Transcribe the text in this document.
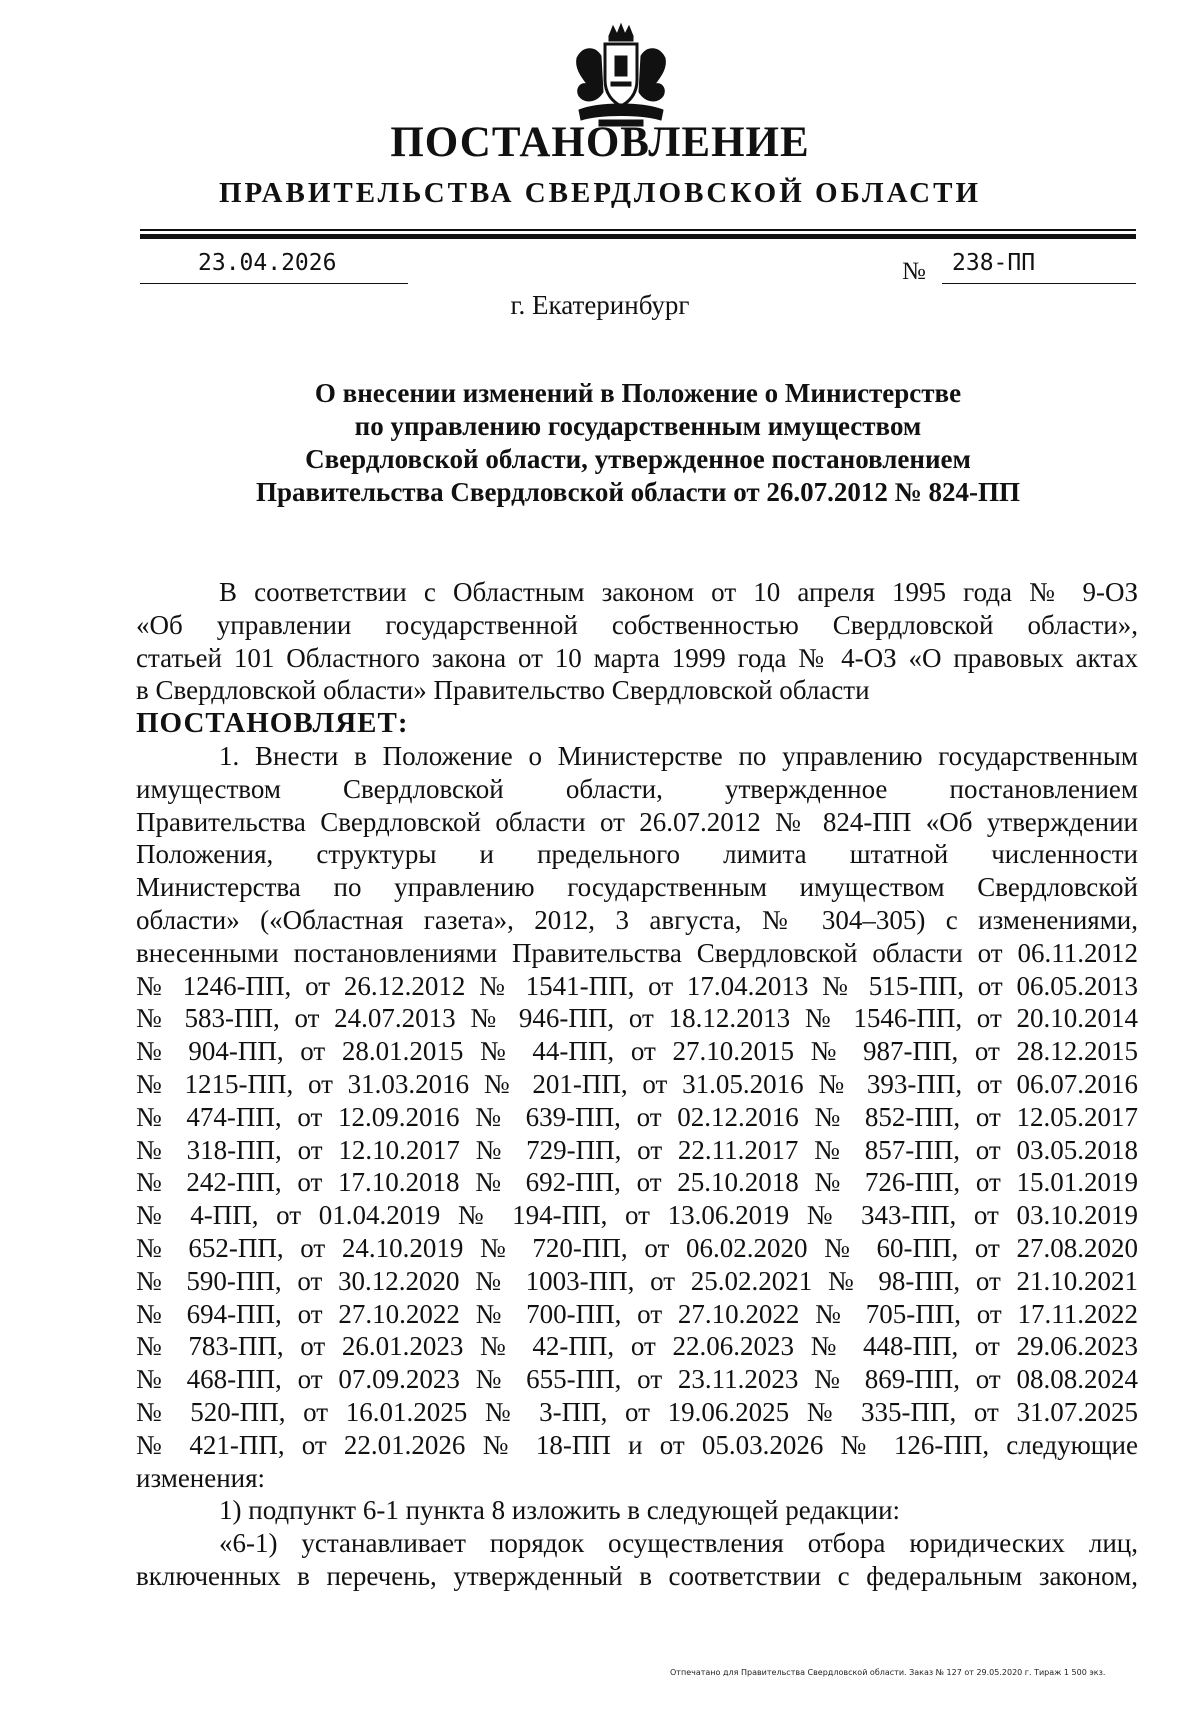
ПОСТАНОВЛЕНИЕ
ПРАВИТЕЛЬСТВА СВЕРДЛОВСКОЙ ОБЛАСТИ
23.04.2026	№ 238-ПП
г. Екатеринбург
О внесении изменений в Положение о Министерстве
по управлению государственным имуществом
Свердловской области, утвержденное постановлением
Правительства Свердловской области от 26.07.2012 № 824-ПП
В соответствии с Областным законом от 10 апреля 1995 года № 9-ОЗ
«Об управлении государственной собственностью Свердловской области»,
статьей 101 Областного закона от 10 марта 1999 года № 4-ОЗ «О правовых актах
в Свердловской области» Правительство Свердловской области
ПОСТАНОВЛЯЕТ:
1. Внести в Положение о Министерстве по управлению государственным
имуществом Свердловской области, утвержденное постановлением
Правительства Свердловской области от 26.07.2012 № 824-ПП «Об утверждении
Положения, структуры и предельного лимита штатной численности
Министерства по управлению государственным имуществом Свердловской
области» («Областная газета», 2012, 3 августа, № 304–305) с изменениями,
внесенными постановлениями Правительства Свердловской области от 06.11.2012
№ 1246-ПП, от 26.12.2012 № 1541-ПП, от 17.04.2013 № 515-ПП, от 06.05.2013
№ 583-ПП, от 24.07.2013 № 946-ПП, от 18.12.2013 № 1546-ПП, от 20.10.2014
№ 904-ПП, от 28.01.2015 № 44-ПП, от 27.10.2015 № 987-ПП, от 28.12.2015
№ 1215-ПП, от 31.03.2016 № 201-ПП, от 31.05.2016 № 393-ПП, от 06.07.2016
№ 474-ПП, от 12.09.2016 № 639-ПП, от 02.12.2016 № 852-ПП, от 12.05.2017
№ 318-ПП, от 12.10.2017 № 729-ПП, от 22.11.2017 № 857-ПП, от 03.05.2018
№ 242-ПП, от 17.10.2018 № 692-ПП, от 25.10.2018 № 726-ПП, от 15.01.2019
№ 4-ПП, от 01.04.2019 № 194-ПП, от 13.06.2019 № 343-ПП, от 03.10.2019
№ 652-ПП, от 24.10.2019 № 720-ПП, от 06.02.2020 № 60-ПП, от 27.08.2020
№ 590-ПП, от 30.12.2020 № 1003-ПП, от 25.02.2021 № 98-ПП, от 21.10.2021
№ 694-ПП, от 27.10.2022 № 700-ПП, от 27.10.2022 № 705-ПП, от 17.11.2022
№ 783-ПП, от 26.01.2023 № 42-ПП, от 22.06.2023 № 448-ПП, от 29.06.2023
№ 468-ПП, от 07.09.2023 № 655-ПП, от 23.11.2023 № 869-ПП, от 08.08.2024
№ 520-ПП, от 16.01.2025 № 3-ПП, от 19.06.2025 № 335-ПП, от 31.07.2025
№ 421-ПП, от 22.01.2026 № 18-ПП и от 05.03.2026 № 126-ПП, следующие
изменения:
1) подпункт 6-1 пункта 8 изложить в следующей редакции:
«6-1) устанавливает порядок осуществления отбора юридических лиц,
включенных в перечень, утвержденный в соответствии с федеральным законом,
Отпечатано для Правительства Свердловской области. Заказ № 127 от 29.05.2020 г. Тираж 1 500 экз.
